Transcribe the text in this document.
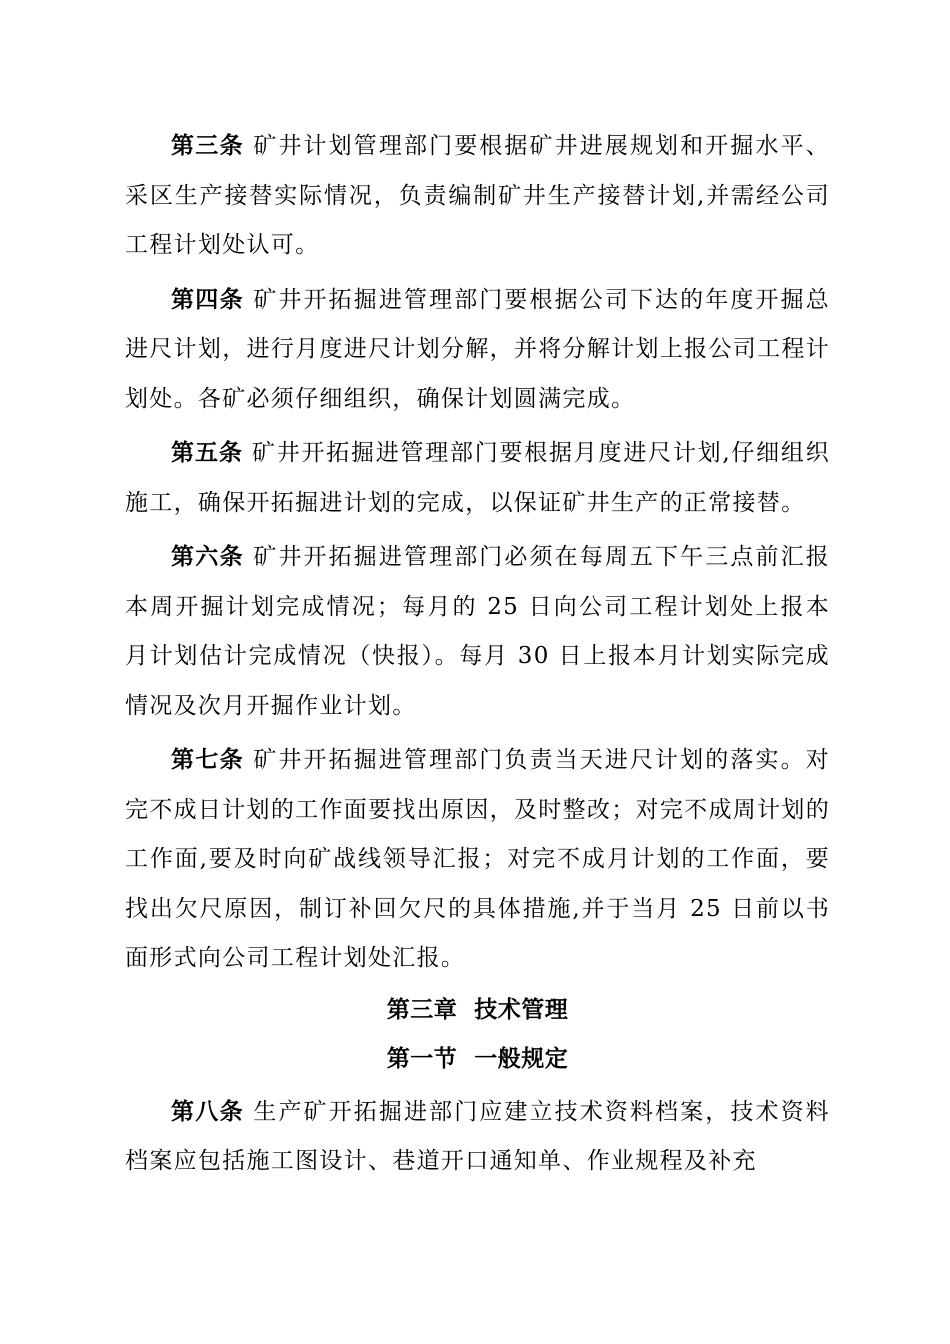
第三条 矿井计划管理部门要根据矿井进展规划和开掘水平、采区生产接替实际情况，负责编制矿井生产接替计划,并需经公司工程计划处认可。

第四条 矿井开拓掘进管理部门要根据公司下达的年度开掘总进尺计划，进行月度进尺计划分解，并将分解计划上报公司工程计划处。各矿必须仔细组织，确保计划圆满完成。

第五条 矿井开拓掘进管理部门要根据月度进尺计划,仔细组织施工，确保开拓掘进计划的完成，以保证矿井生产的正常接替。

第六条 矿井开拓掘进管理部门必须在每周五下午三点前汇报本周开掘计划完成情况；每月的 25 日向公司工程计划处上报本月计划估计完成情况（快报）。每月 30 日上报本月计划实际完成情况及次月开掘作业计划。

第七条 矿井开拓掘进管理部门负责当天进尺计划的落实。对完不成日计划的工作面要找出原因，及时整改；对完不成周计划的工作面,要及时向矿战线领导汇报；对完不成月计划的工作面，要找出欠尺原因，制订补回欠尺的具体措施,并于当月 25 日前以书面形式向公司工程计划处汇报。

第三章  技术管理

第一节  一般规定

第八条 生产矿开拓掘进部门应建立技术资料档案，技术资料档案应包括施工图设计、巷道开口通知单、作业规程及补充
